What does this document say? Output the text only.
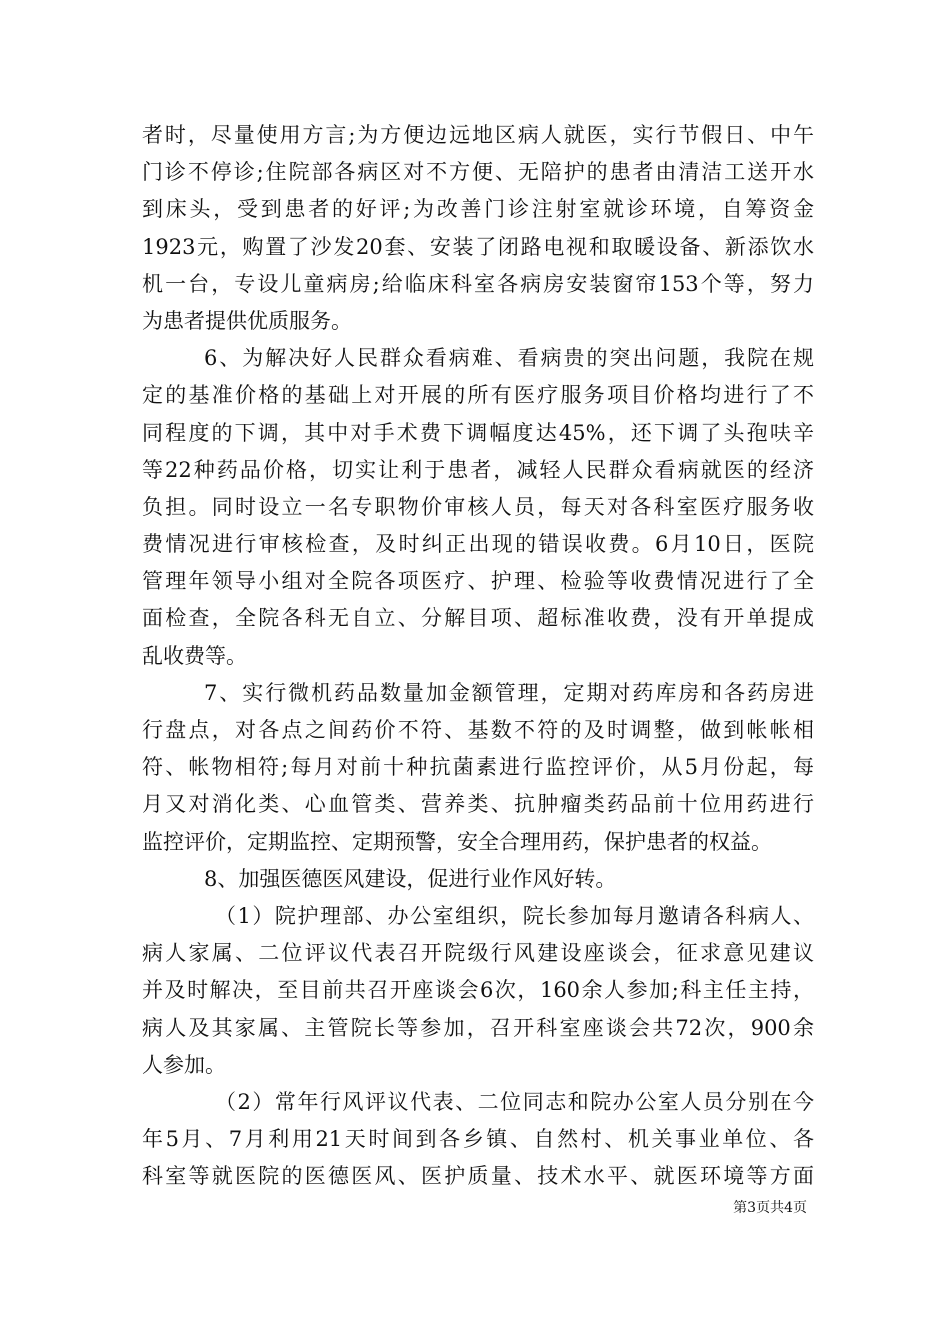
者时，尽量使用方言;为方便边远地区病人就医，实行节假日、中午
门诊不停诊;住院部各病区对不方便、无陪护的患者由清洁工送开水
到床头，受到患者的好评;为改善门诊注射室就诊环境，自筹资金
1923元，购置了沙发20套、安装了闭路电视和取暖设备、新添饮水
机一台，专设儿童病房;给临床科室各病房安装窗帘153个等，努力
为患者提供优质服务。
6、为解决好人民群众看病难、看病贵的突出问题，我院在规
定的基准价格的基础上对开展的所有医疗服务项目价格均进行了不
同程度的下调，其中对手术费下调幅度达45%，还下调了头孢呋辛
等22种药品价格，切实让利于患者，减轻人民群众看病就医的经济
负担。同时设立一名专职物价审核人员，每天对各科室医疗服务收
费情况进行审核检查，及时纠正出现的错误收费。6月10日，医院
管理年领导小组对全院各项医疗、护理、检验等收费情况进行了全
面检查，全院各科无自立、分解目项、超标准收费，没有开单提成
乱收费等。
7、实行微机药品数量加金额管理，定期对药库房和各药房进
行盘点，对各点之间药价不符、基数不符的及时调整，做到帐帐相
符、帐物相符;每月对前十种抗菌素进行监控评价，从5月份起，每
月又对消化类、心血管类、营养类、抗肿瘤类药品前十位用药进行
监控评价，定期监控、定期预警，安全合理用药，保护患者的权益。
8、加强医德医风建设，促进行业作风好转。
（1）院护理部、办公室组织，院长参加每月邀请各科病人、
病人家属、二位评议代表召开院级行风建设座谈会，征求意见建议
并及时解决，至目前共召开座谈会6次，160余人参加;科主任主持，
病人及其家属、主管院长等参加，召开科室座谈会共72次，900余
人参加。
（2）常年行风评议代表、二位同志和院办公室人员分别在今
年5月、7月利用21天时间到各乡镇、自然村、机关事业单位、各
科室等就医院的医德医风、医护质量、技术水平、就医环境等方面
第3页共4页
